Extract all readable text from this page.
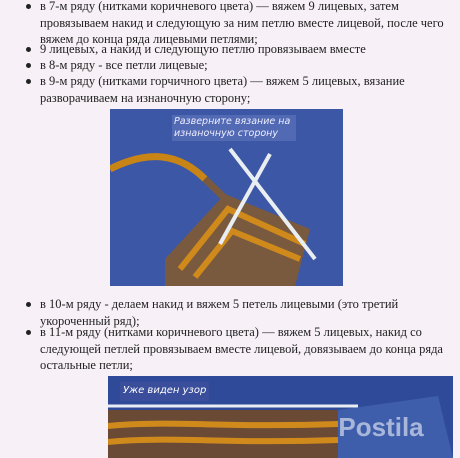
в 7-м ряду (нитками коричневого цвета) — вяжем 9 лицевых, затем провязываем накид и следующую за ним петлю вместе лицевой, после чего вяжем до конца ряда лицевыми петлями;
9 лицевых, а накид и следующую петлю провязываем вместе
в 8-м ряду - все петли лицевые;
в 9-м ряду (нитками горчичного цвета) — вяжем 5 лицевых, вязание разворачиваем на изнаночную сторону;
Разверните вязание на изнаночную сторону
в 10-м ряду - делаем накид и вяжем 5 петель лицевыми (это третий укороченный ряд);
в 11-м ряду (нитками коричневого цвета) — вяжем 5 лицевых, накид со следующей петлей провязываем вместе лицевой, довязываем до конца ряда остальные петли;
Уже виден узор
Postila
